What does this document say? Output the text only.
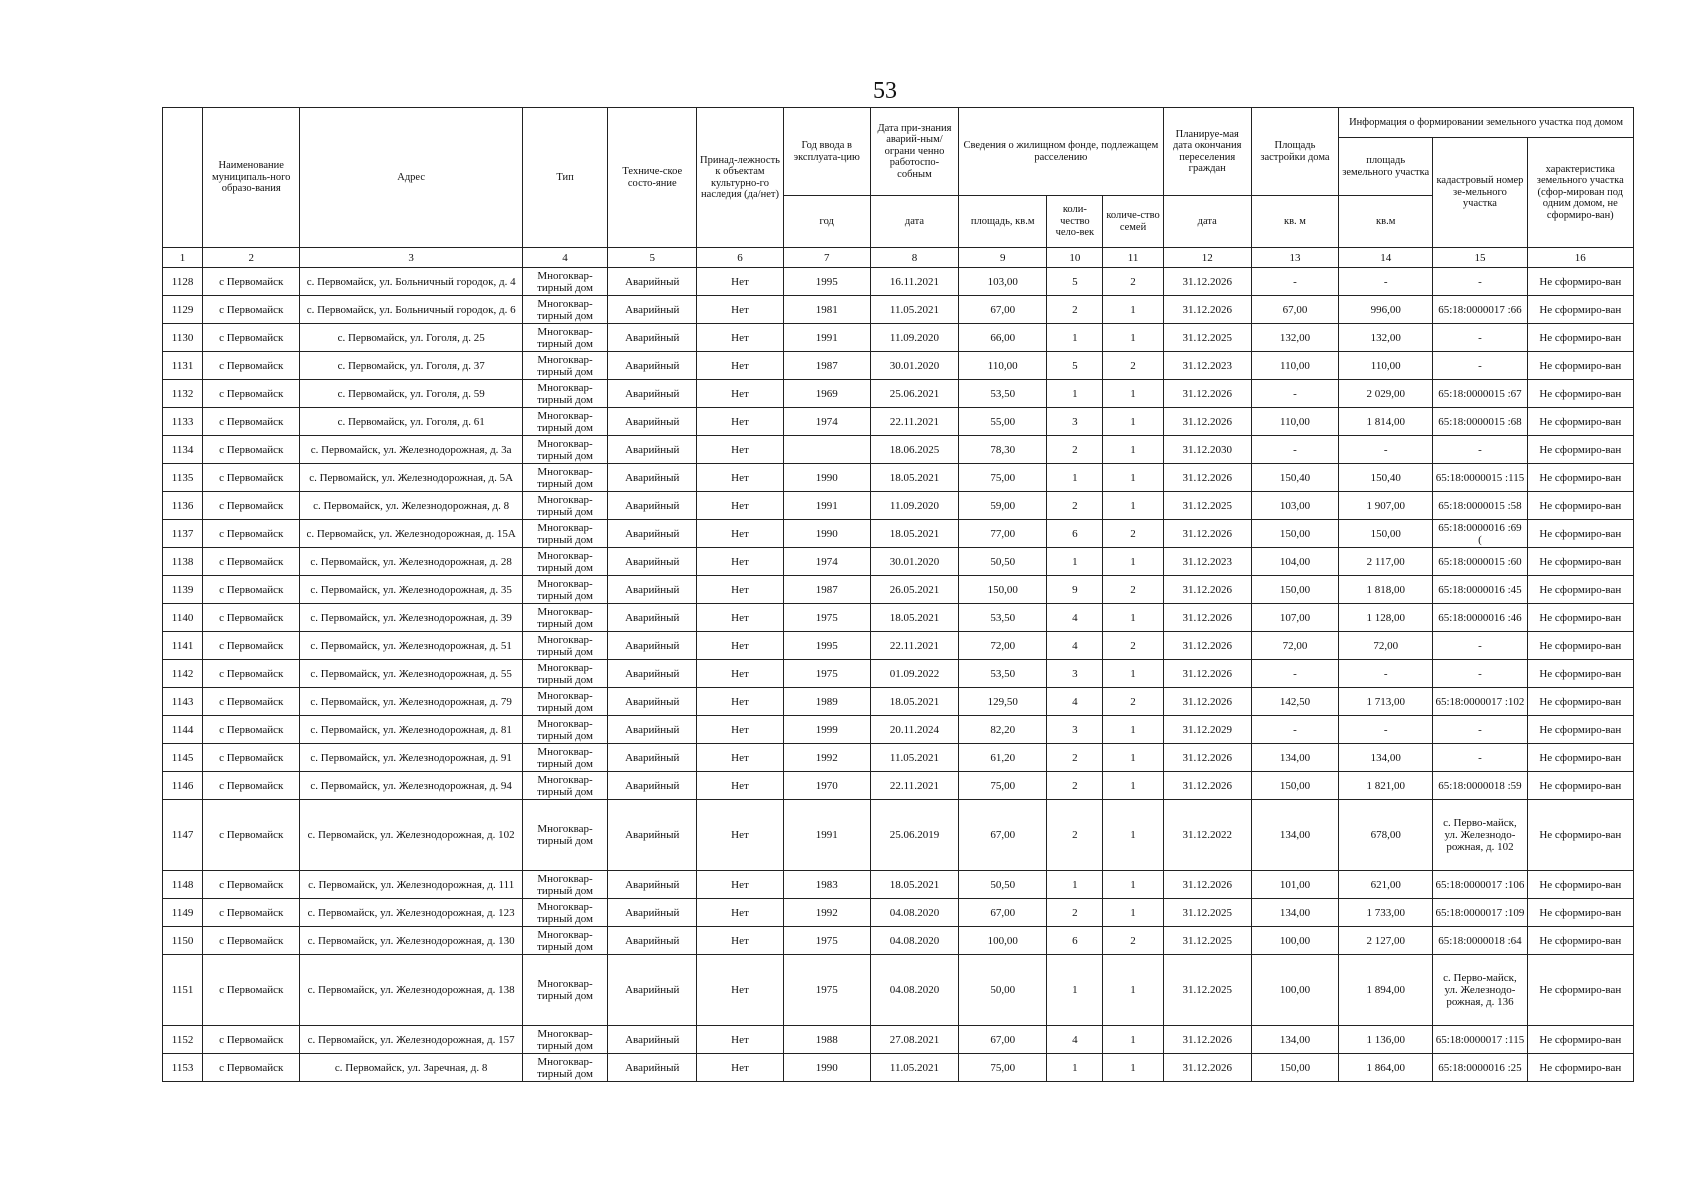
53
	Наименование муниципаль-ного образо-вания	Адрес	Тип	Техниче-ское состо-яние	Принад-лежность к объектам культурно-го наследия (да/нет)	Год ввода в эксплуата-цию	Дата при-знания аварий-ным/ограни ченно работоспо-собным	Сведения о жилищном фонде, подлежащем расселению			Планируе-мая дата окончания переселения граждан	Площадь застройки дома	Информация о формировании земельного участка под домом		
													площадь земельного участка	кадастровый номер зе-мельного участка	характеристика земельного участка (сфор-мирован под одним домом, не сформиро-ван)
						год	дата	площадь, кв.м	коли-чество чело-век	количе-ство семей	дата	кв. м	кв.м		
1	2	3	4	5	6	7	8	9	10	11	12	13	14	15	16
1128	с Первомайск	с. Первомайск, ул. Больничный городок, д. 4	Многоквар-тирный дом	Аварийный	Нет	1995	16.11.2021	103,00	5	2	31.12.2026	-	-	-	Не сформиро-ван
1129	с Первомайск	с. Первомайск, ул. Больничный городок, д. 6	Многоквар-тирный дом	Аварийный	Нет	1981	11.05.2021	67,00	2	1	31.12.2026	67,00	996,00	65:18:0000017 :66	Не сформиро-ван
1130	с Первомайск	с. Первомайск, ул. Гоголя, д. 25	Многоквар-тирный дом	Аварийный	Нет	1991	11.09.2020	66,00	1	1	31.12.2025	132,00	132,00	-	Не сформиро-ван
1131	с Первомайск	с. Первомайск, ул. Гоголя, д. 37	Многоквар-тирный дом	Аварийный	Нет	1987	30.01.2020	110,00	5	2	31.12.2023	110,00	110,00	-	Не сформиро-ван
1132	с Первомайск	с. Первомайск, ул. Гоголя, д. 59	Многоквар-тирный дом	Аварийный	Нет	1969	25.06.2021	53,50	1	1	31.12.2026	-	2 029,00	65:18:0000015 :67	Не сформиро-ван
1133	с Первомайск	с. Первомайск, ул. Гоголя, д. 61	Многоквар-тирный дом	Аварийный	Нет	1974	22.11.2021	55,00	3	1	31.12.2026	110,00	1 814,00	65:18:0000015 :68	Не сформиро-ван
1134	с Первомайск	с. Первомайск, ул. Железнодорожная, д. 3а	Многоквар-тирный дом	Аварийный	Нет		18.06.2025	78,30	2	1	31.12.2030	-	-	-	Не сформиро-ван
1135	с Первомайск	с. Первомайск, ул. Железнодорожная, д. 5А	Многоквар-тирный дом	Аварийный	Нет	1990	18.05.2021	75,00	1	1	31.12.2026	150,40	150,40	65:18:0000015 :115	Не сформиро-ван
1136	с Первомайск	с. Первомайск, ул. Железнодорожная, д. 8	Многоквар-тирный дом	Аварийный	Нет	1991	11.09.2020	59,00	2	1	31.12.2025	103,00	1 907,00	65:18:0000015 :58	Не сформиро-ван
1137	с Первомайск	с. Первомайск, ул. Железнодорожная, д. 15А	Многоквар-тирный дом	Аварийный	Нет	1990	18.05.2021	77,00	6	2	31.12.2026	150,00	150,00	65:18:0000016 :69 (	Не сформиро-ван
1138	с Первомайск	с. Первомайск, ул. Железнодорожная, д. 28	Многоквар-тирный дом	Аварийный	Нет	1974	30.01.2020	50,50	1	1	31.12.2023	104,00	2 117,00	65:18:0000015 :60	Не сформиро-ван
1139	с Первомайск	с. Первомайск, ул. Железнодорожная, д. 35	Многоквар-тирный дом	Аварийный	Нет	1987	26.05.2021	150,00	9	2	31.12.2026	150,00	1 818,00	65:18:0000016 :45	Не сформиро-ван
1140	с Первомайск	с. Первомайск, ул. Железнодорожная, д. 39	Многоквар-тирный дом	Аварийный	Нет	1975	18.05.2021	53,50	4	1	31.12.2026	107,00	1 128,00	65:18:0000016 :46	Не сформиро-ван
1141	с Первомайск	с. Первомайск, ул. Железнодорожная, д. 51	Многоквар-тирный дом	Аварийный	Нет	1995	22.11.2021	72,00	4	2	31.12.2026	72,00	72,00	-	Не сформиро-ван
1142	с Первомайск	с. Первомайск, ул. Железнодорожная, д. 55	Многоквар-тирный дом	Аварийный	Нет	1975	01.09.2022	53,50	3	1	31.12.2026	-	-	-	Не сформиро-ван
1143	с Первомайск	с. Первомайск, ул. Железнодорожная, д. 79	Многоквар-тирный дом	Аварийный	Нет	1989	18.05.2021	129,50	4	2	31.12.2026	142,50	1 713,00	65:18:0000017 :102	Не сформиро-ван
1144	с Первомайск	с. Первомайск, ул. Железнодорожная, д. 81	Многоквар-тирный дом	Аварийный	Нет	1999	20.11.2024	82,20	3	1	31.12.2029	-	-	-	Не сформиро-ван
1145	с Первомайск	с. Первомайск, ул. Железнодорожная, д. 91	Многоквар-тирный дом	Аварийный	Нет	1992	11.05.2021	61,20	2	1	31.12.2026	134,00	134,00	-	Не сформиро-ван
1146	с Первомайск	с. Первомайск, ул. Железнодорожная, д. 94	Многоквар-тирный дом	Аварийный	Нет	1970	22.11.2021	75,00	2	1	31.12.2026	150,00	1 821,00	65:18:0000018 :59	Не сформиро-ван
1147	с Первомайск	с. Первомайск, ул. Железнодорожная, д. 102	Многоквар-тирный дом	Аварийный	Нет	1991	25.06.2019	67,00	2	1	31.12.2022	134,00	678,00	с. Перво-майск, ул. Железнодо-рожная, д. 102	Не сформиро-ван
1148	с Первомайск	с. Первомайск, ул. Железнодорожная, д. 111	Многоквар-тирный дом	Аварийный	Нет	1983	18.05.2021	50,50	1	1	31.12.2026	101,00	621,00	65:18:0000017 :106	Не сформиро-ван
1149	с Первомайск	с. Первомайск, ул. Железнодорожная, д. 123	Многоквар-тирный дом	Аварийный	Нет	1992	04.08.2020	67,00	2	1	31.12.2025	134,00	1 733,00	65:18:0000017 :109	Не сформиро-ван
1150	с Первомайск	с. Первомайск, ул. Железнодорожная, д. 130	Многоквар-тирный дом	Аварийный	Нет	1975	04.08.2020	100,00	6	2	31.12.2025	100,00	2 127,00	65:18:0000018 :64	Не сформиро-ван
1151	с Первомайск	с. Первомайск, ул. Железнодорожная, д. 138	Многоквар-тирный дом	Аварийный	Нет	1975	04.08.2020	50,00	1	1	31.12.2025	100,00	1 894,00	с. Перво-майск, ул. Железнодо-рожная, д. 136	Не сформиро-ван
1152	с Первомайск	с. Первомайск, ул. Железнодорожная, д. 157	Многоквар-тирный дом	Аварийный	Нет	1988	27.08.2021	67,00	4	1	31.12.2026	134,00	1 136,00	65:18:0000017 :115	Не сформиро-ван
1153	с Первомайск	с. Первомайск, ул. Заречная, д. 8	Многоквар-тирный дом	Аварийный	Нет	1990	11.05.2021	75,00	1	1	31.12.2026	150,00	1 864,00	65:18:0000016 :25	Не сформиро-ван
